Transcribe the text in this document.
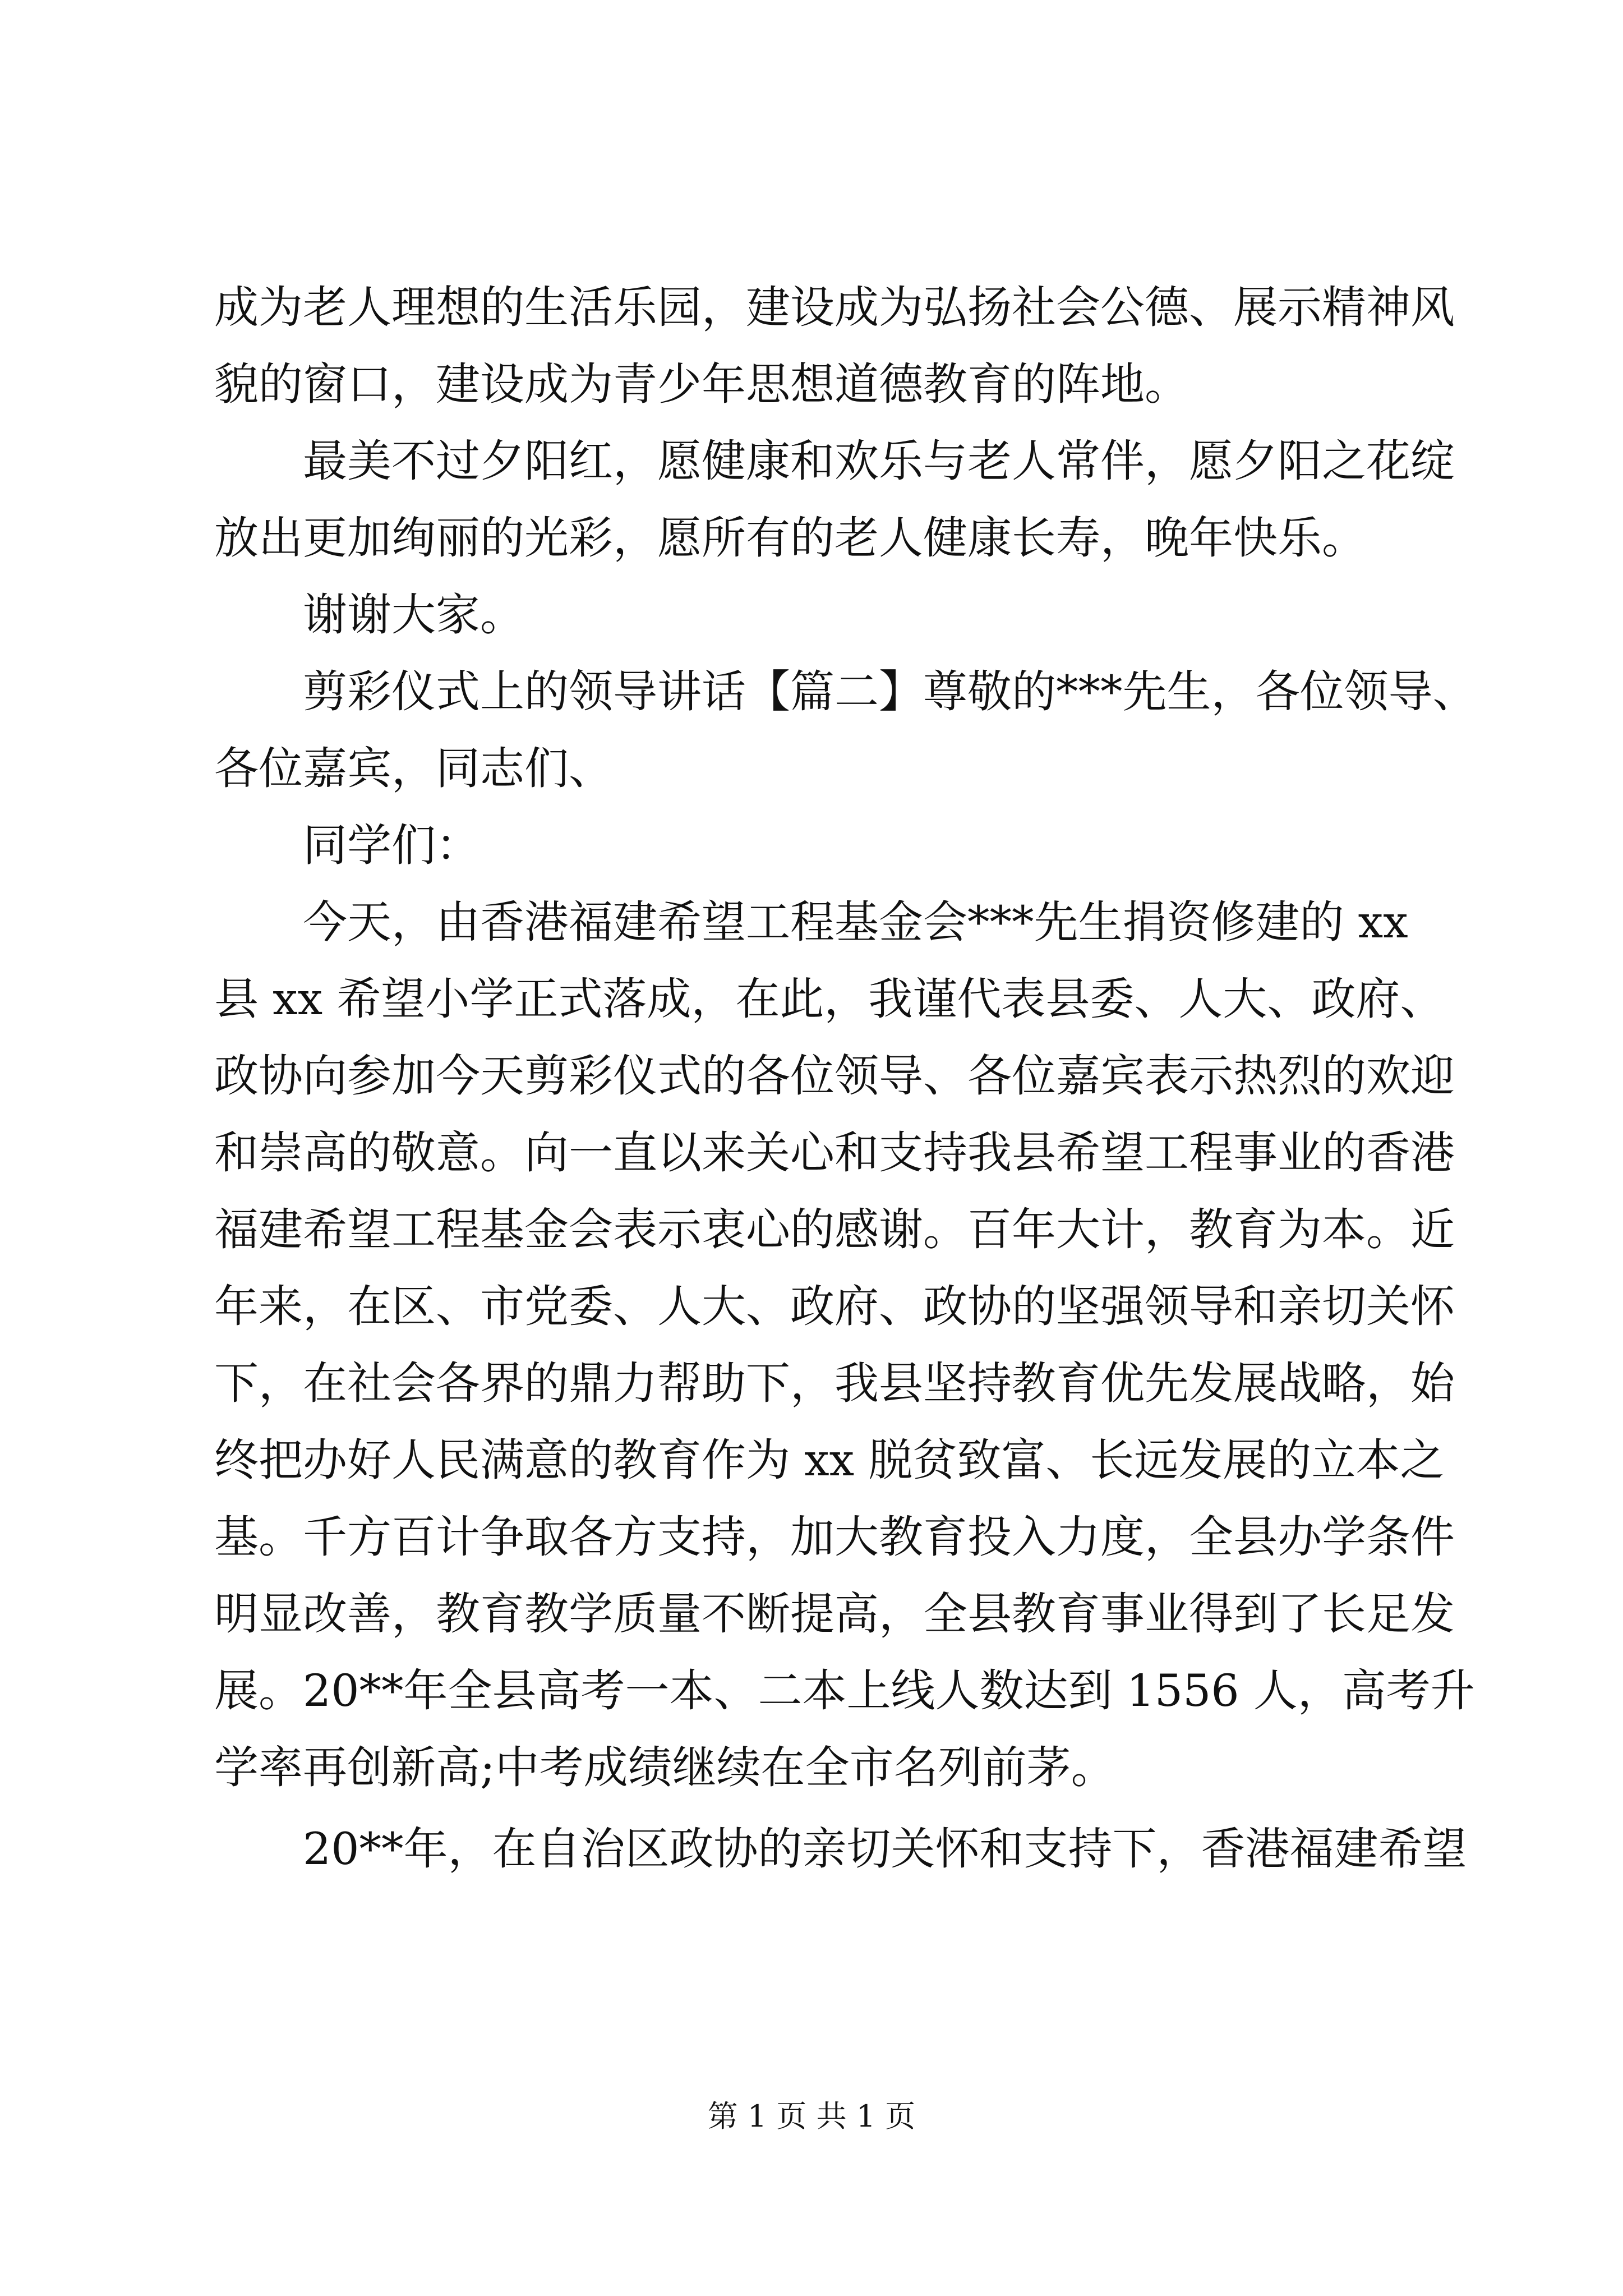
成为老人理想的生活乐园，建设成为弘扬社会公德、展示精神风
貌的窗口，建设成为青少年思想道德教育的阵地。
　　最美不过夕阳红，愿健康和欢乐与老人常伴，愿夕阳之花绽
放出更加绚丽的光彩，愿所有的老人健康长寿，晚年快乐。
　　谢谢大家。
　　剪彩仪式上的领导讲话【篇二】尊敬的***先生，各位领导、
各位嘉宾，同志们、
　　同学们：
　　今天，由香港福建希望工程基金会***先生捐资修建的 xx
县 xx 希望小学正式落成，在此，我谨代表县委、人大、政府、
政协向参加今天剪彩仪式的各位领导、各位嘉宾表示热烈的欢迎
和崇高的敬意。向一直以来关心和支持我县希望工程事业的香港
福建希望工程基金会表示衷心的感谢。百年大计，教育为本。近
年来，在区、市党委、人大、政府、政协的坚强领导和亲切关怀
下，在社会各界的鼎力帮助下，我县坚持教育优先发展战略，始
终把办好人民满意的教育作为 xx 脱贫致富、长远发展的立本之
基。千方百计争取各方支持，加大教育投入力度，全县办学条件
明显改善，教育教学质量不断提高，全县教育事业得到了长足发
展。20**年全县高考一本、二本上线人数达到 1556 人，高考升
学率再创新高;中考成绩继续在全市名列前茅。
　　20**年，在自治区政协的亲切关怀和支持下，香港福建希望
第 1 页 共 1 页
